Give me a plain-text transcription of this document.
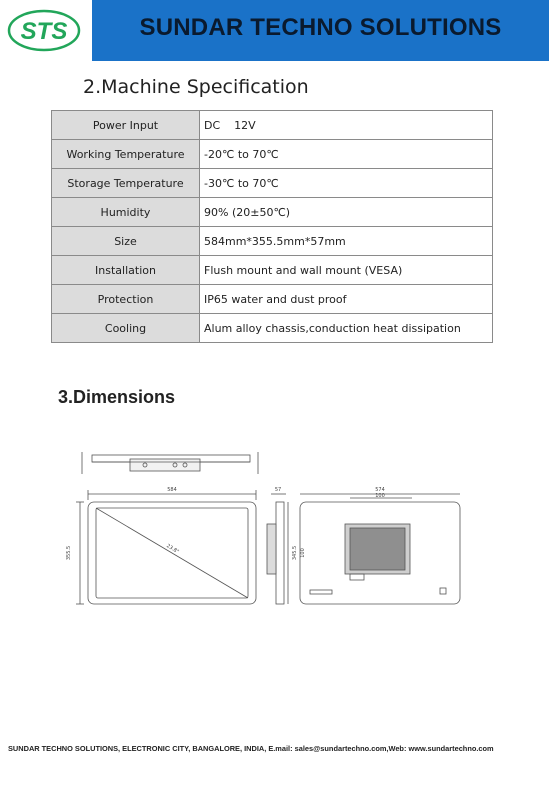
STS	SUNDAR TECHNO SOLUTIONS
2.Machine Specification
Power Input	DC    12V
Working Temperature	-20℃ to 70℃
Storage Temperature	-30℃ to 70℃
Humidity	90% (20±50℃)
Size	584mm*355.5mm*57mm
Installation	Flush mount and wall mount (VESA)
Protection	IP65 water and dust proof
Cooling	Alum alloy chassis,conduction heat dissipation
3.Dimensions
584
355.5	23.8"
57	574
100
345.5 100
SUNDAR TECHNO SOLUTIONS, ELECTRONIC CITY, BANGALORE, INDIA, E.mail: sales@sundartechno.com,Web: www.sundartechno.com
